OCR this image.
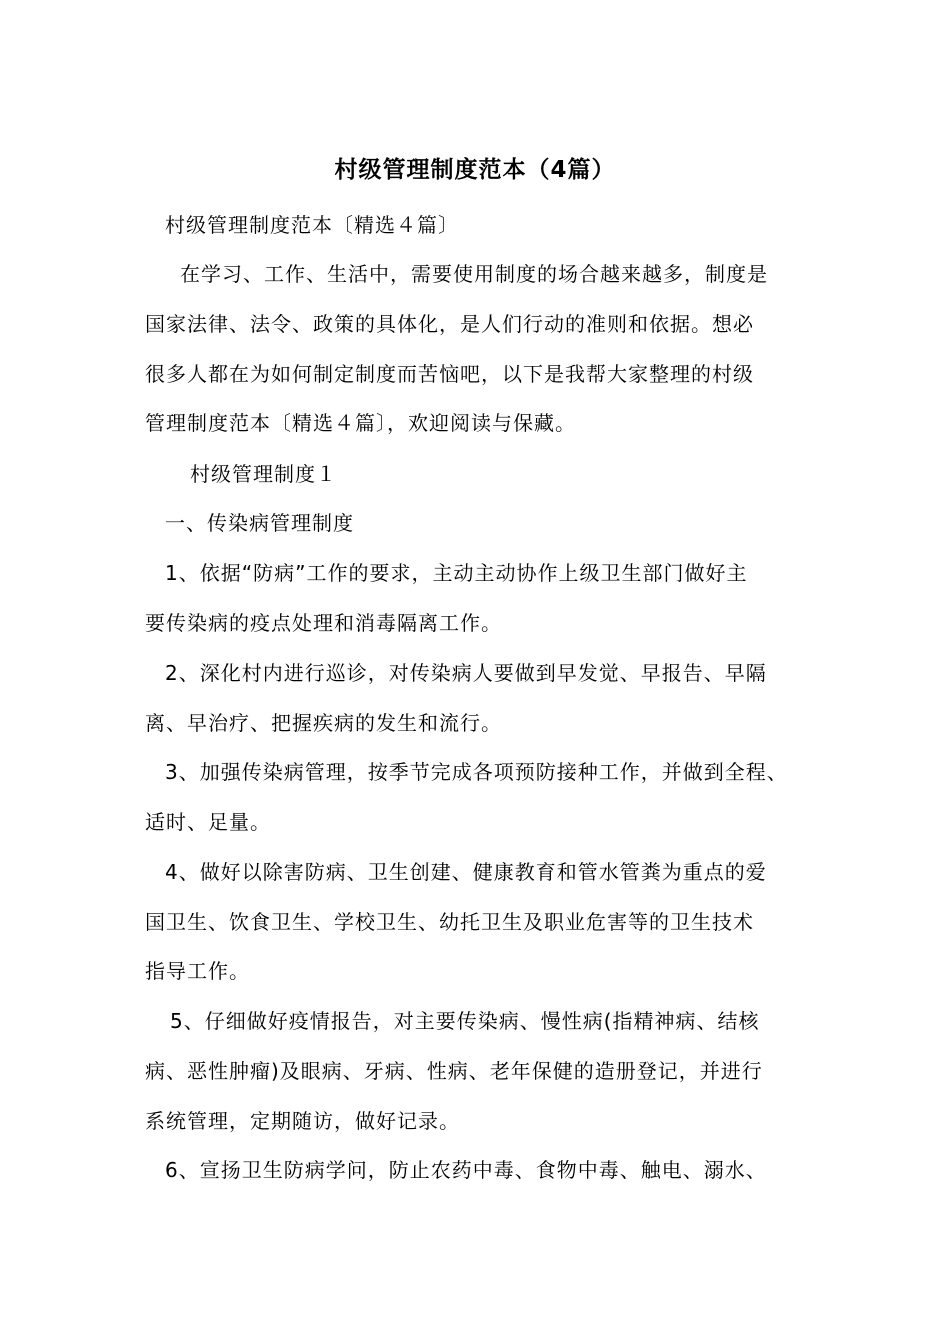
村级管理制度范本（4篇）
村级管理制度范本〔精选４篇〕
在学习、工作、生活中，需要使用制度的场合越来越多，制度是
国家法律、法令、政策的具体化，是人们行动的准则和依据。想必
很多人都在为如何制定制度而苦恼吧，以下是我帮大家整理的村级
管理制度范本〔精选４篇〕，欢迎阅读与保藏。
村级管理制度１
一、传染病管理制度
1、依据“防病”工作的要求，主动主动协作上级卫生部门做好主
要传染病的疫点处理和消毒隔离工作。
2、深化村内进行巡诊，对传染病人要做到早发觉、早报告、早隔
离、早治疗、把握疾病的发生和流行。
3、加强传染病管理，按季节完成各项预防接种工作，并做到全程、
适时、足量。
4、做好以除害防病、卫生创建、健康教育和管水管粪为重点的爱
国卫生、饮食卫生、学校卫生、幼托卫生及职业危害等的卫生技术
指导工作。
5、仔细做好疫情报告，对主要传染病、慢性病(指精神病、结核
病、恶性肿瘤)及眼病、牙病、性病、老年保健的造册登记，并进行
系统管理，定期随访，做好记录。
6、宣扬卫生防病学问，防止农药中毒、食物中毒、触电、溺水、
